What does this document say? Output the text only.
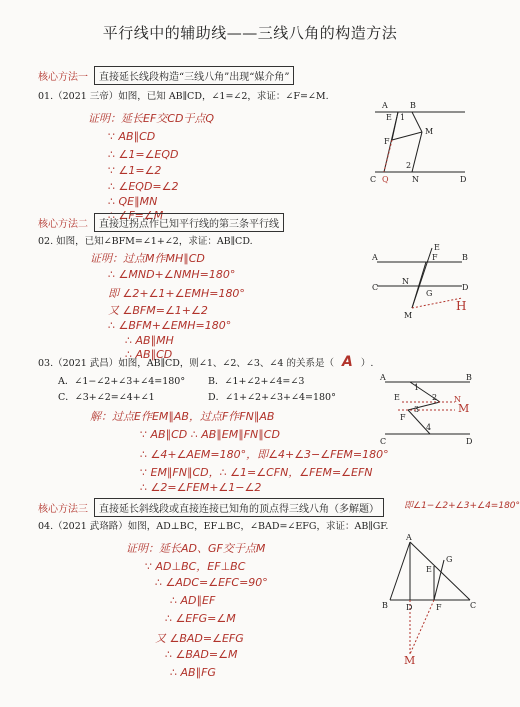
平行线中的辅助线——三线八角的构造方法
核心方法一 直接延长线段构造“三线八角”出现“媒介角”
01.（2021 三帝）如图，已知 AB∥CD，∠1=∠2，求证：∠F=∠M.
证明：延长EF交CD于点Q
∵ AB∥CD
∴ ∠1=∠EQD
∵ ∠1=∠2
∴ ∠EQD=∠2
∴ QE∥MN
∴ ∠F=∠M
A	B
C	D
E
F
M
N
Q
1
2
核心方法二 直接过拐点作已知平行线的第三条平行线
02. 如图，已知∠BFM=∠1+∠2，求证：AB∥CD.
证明：过点M作MH∥CD
∴ ∠MND+∠NMH=180°
即 ∠2+∠1+∠EMH=180°
又 ∠BFM=∠1+∠2
∴ ∠BFM+∠EMH=180°
∴ AB∥MH
∴ AB∥CD
A	B
C	D
E
F
G
M
N
H
03.（2021 武昌）如图，AB∥CD，则∠1、∠2、∠3、∠4 的关系是（ A ）.
A．∠1−∠2+∠3+∠4=180° B．∠1+∠2+∠4=∠3
C．∠3+∠2=∠4+∠1	D．∠1+∠2+∠3+∠4=180°
解：过点E作EM∥AB，过点F作FN∥AB
∵ AB∥CD ∴ AB∥EM∥FN∥CD
∴ ∠4+∠AEM=180°，即∠4+∠3−∠FEM=180°
∵ EM∥FN∥CD，∴ ∠1=∠CFN，∠FEM=∠EFN
∴ ∠2=∠FEM+∠1−∠2
A	B
C	D
E
F
M
N
1
2
3
4
核心方法三 直接延长斜线段或直接连接已知角的顶点得三线八角（多解题）	即∠1−∠2+∠3+∠4=180°
04.（2021 武珞路）如图，AD⊥BC，EF⊥BC，∠BAD=∠EFG，求证：AB∥GF.
证明：延长AD、GF交于点M
∵ AD⊥BC，EF⊥BC
∴ ∠ADC=∠EFC=90°
∴ AD∥EF
∴ ∠EFG=∠M
又 ∠BAD=∠EFG
∴ ∠BAD=∠M
∴ AB∥FG
A
B	C
D
E
F
G
M
